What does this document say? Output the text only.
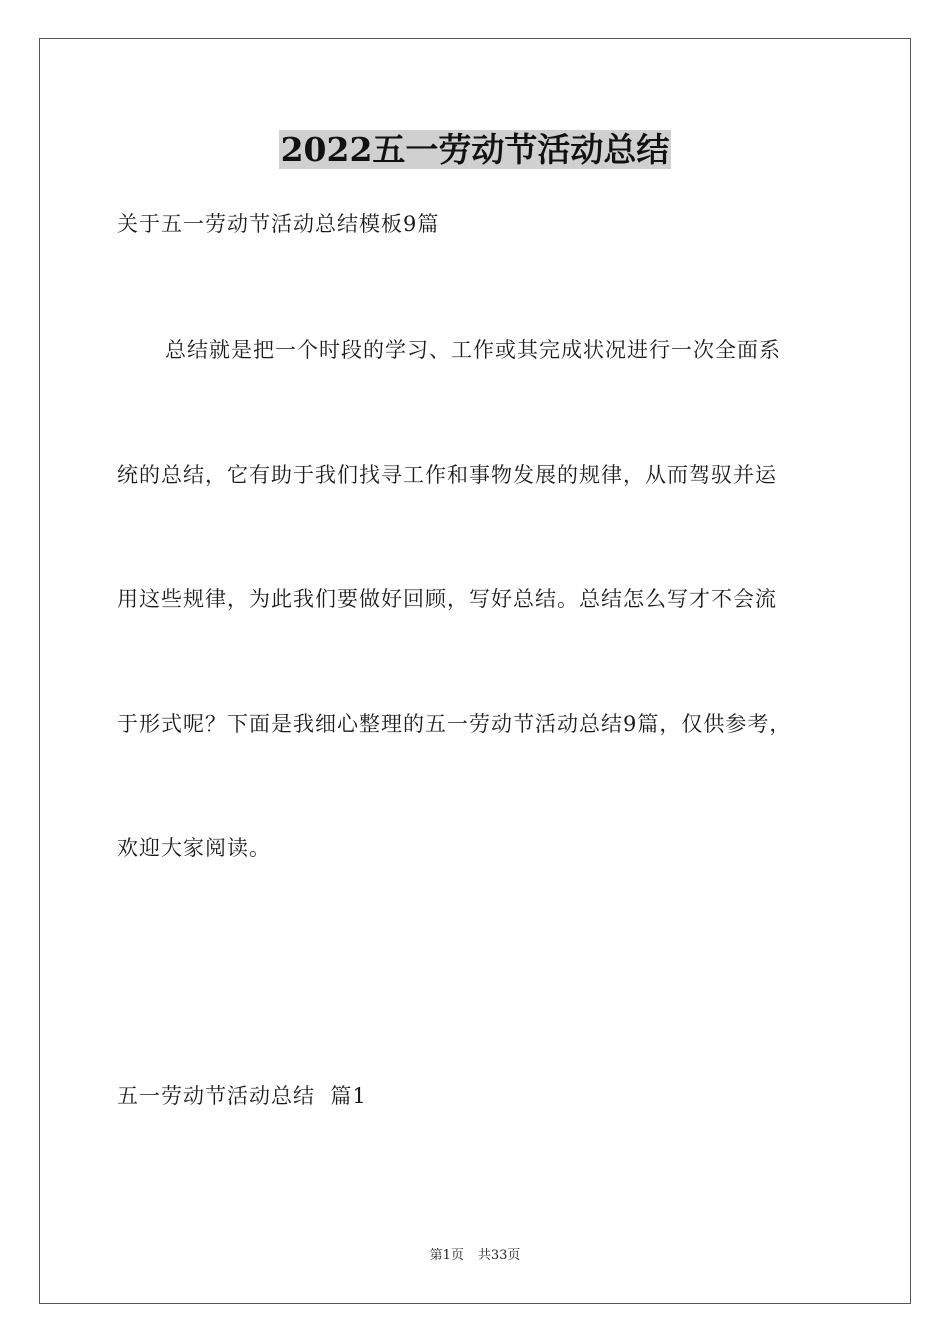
2022五一劳动节活动总结
关于五一劳动节活动总结模板9篇
总结就是把一个时段的学习、工作或其完成状况进行一次全面系
统的总结，它有助于我们找寻工作和事物发展的规律，从而驾驭并运
用这些规律，为此我们要做好回顾，写好总结。总结怎么写才不会流
于形式呢？下面是我细心整理的五一劳动节活动总结9篇，仅供参考，
欢迎大家阅读。
五一劳动节活动总结  篇1
第1页 共33页
